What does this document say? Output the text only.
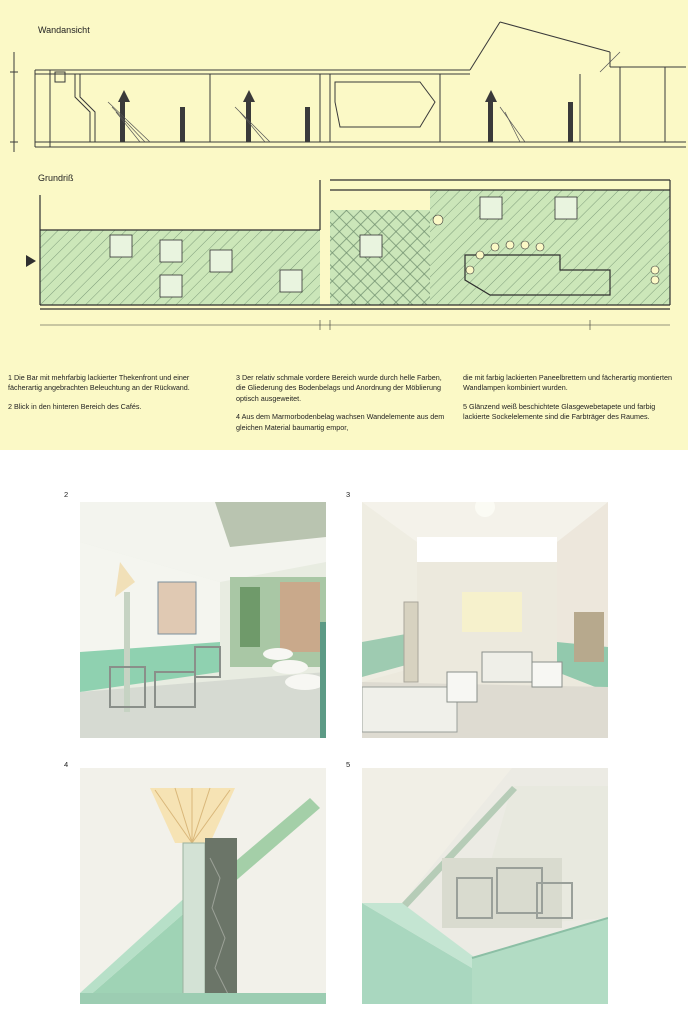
Wandansicht
Grundriß

1 Die Bar mit mehrfarbig lackierter Thekenfront und einer fächerartig angebrachten Beleuchtung an der Rückwand.

2 Blick in den hinteren Bereich des Cafés.

3 Der relativ schmale vordere Bereich wurde durch helle Farben, die Gliederung des Bodenbelags und Anordnung der Möblierung optisch ausgeweitet.

4 Aus dem Marmorbodenbelag wachsen Wandelemente aus dem gleichen Material baumartig empor,

die mit farbig lackierten Paneelbrettern und fächerartig montierten Wandlampen kombiniert wurden.

5 Glänzend weiß beschichtete Glasgewebetapete und farbig lackierte Sockelelemente sind die Farbträger des Raumes.

2	3
4	5
